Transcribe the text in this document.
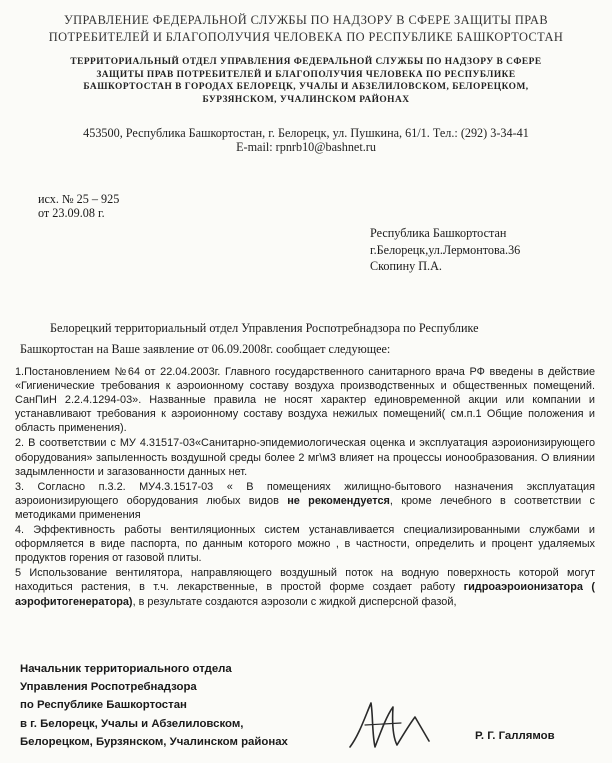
УПРАВЛЕНИЕ ФЕДЕРАЛЬНОЙ СЛУЖБЫ ПО НАДЗОРУ В СФЕРЕ ЗАЩИТЫ ПРАВ
ПОТРЕБИТЕЛЕЙ И БЛАГОПОЛУЧИЯ ЧЕЛОВЕКА ПО РЕСПУБЛИКЕ БАШКОРТОСТАН
ТЕРРИТОРИАЛЬНЫЙ ОТДЕЛ УПРАВЛЕНИЯ ФЕДЕРАЛЬНОЙ СЛУЖБЫ ПО НАДЗОРУ В СФЕРЕ
ЗАЩИТЫ ПРАВ ПОТРЕБИТЕЛЕЙ И БЛАГОПОЛУЧИЯ ЧЕЛОВЕКА ПО РЕСПУБЛИКЕ
БАШКОРТОСТАН В ГОРОДАХ БЕЛОРЕЦК, УЧАЛЫ И АБЗЕЛИЛОВСКОМ, БЕЛОРЕЦКОМ,
БУРЗЯНСКОМ, УЧАЛИНСКОМ РАЙОНАХ
453500, Республика Башкортостан, г. Белорецк, ул. Пушкина, 61/1. Тел.: (292) 3-34-41
E-mail: rpnrb10@bashnet.ru
исх. № 25 – 925
от 23.09.08 г.
Республика Башкортостан
г.Белорецк,ул.Лермонтова.36
Скопину П.А.

Белорецкий территориальный отдел Управления Роспотребнадзора по Республике

Башкортостан на Ваше заявление от 06.09.2008г. сообщает следующее:

1.Постановлением №64 от 22.04.2003г. Главного государственного санитарного врача РФ введены в действие «Гигиенические требования к аэроионному составу воздуха производственных и общественных помещений. СанПиН 2.2.4.1294-03». Названные правила не носят характер единовременной акции или компании и устанавливают требования к аэроионному составу воздуха нежилых помещений( см.п.1 Общие положения и область применения).

2. В соответствии с МУ 4.31517-03«Санитарно-эпидемиологическая оценка и эксплуатация аэроионизирующего оборудования» запыленность воздушной среды более 2 мг\м3 влияет на процессы ионообразования. О влиянии задымленности и загазованности данных нет.

3. Согласно п.3.2. МУ4.3.1517-03 « В помещениях жилищно-бытового назначения эксплуатация аэроионизирующего оборудования любых видов не рекомендуется, кроме лечебного в соответствии с методиками применения

4. Эффективность работы вентиляционных систем устанавливается специализированными службами и оформляется в виде паспорта, по данным которого можно , в частности, определить и процент удаляемых продуктов горения от газовой плиты.

5 Использование вентилятора, направляющего воздушный поток на водную поверхность которой могут находиться растения, в т.ч. лекарственные, в простой форме создает работу гидроаэроионизатора ( аэрофитогенератора), в результате создаются аэрозоли с жидкой дисперсной фазой,

Начальник территориального отдела
Управления Роспотребнадзора
по Республике Башкортостан
в г. Белорецк, Учалы и Абзелиловском,
Белорецком, Бурзянском, Учалинском районах	Р. Г. Галлямов
